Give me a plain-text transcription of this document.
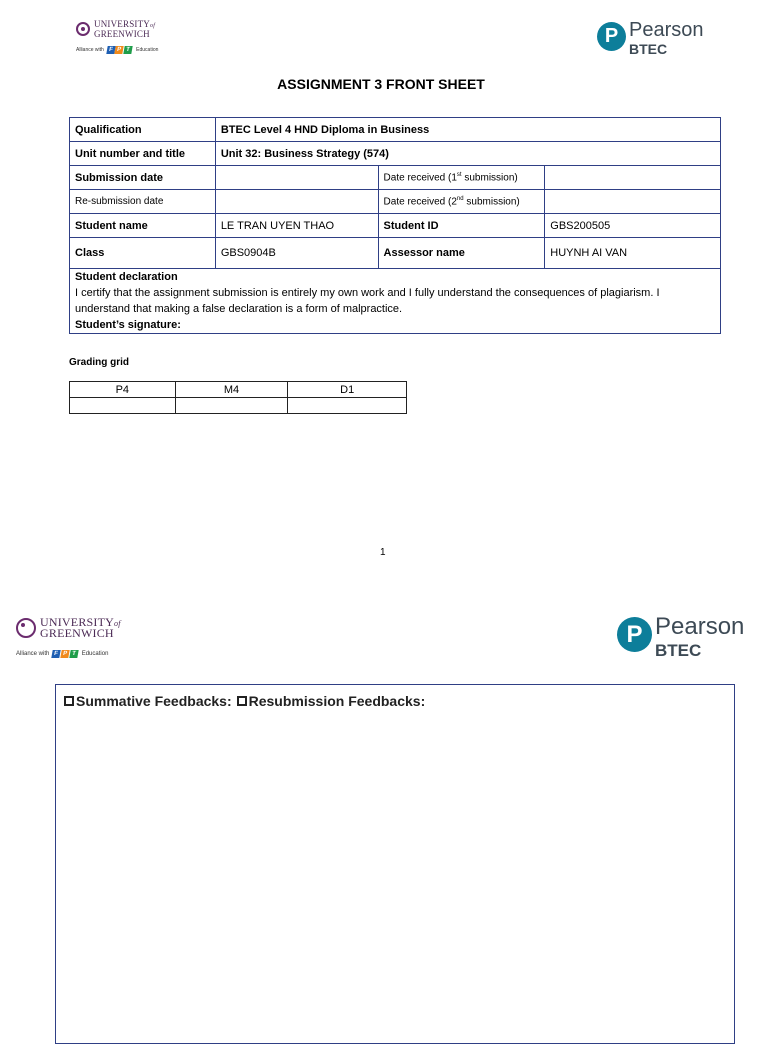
UNIVERSITYof
GREENWICH
Alliance with F P T	Education
P Pearson
BTEC
ASSIGNMENT 3 FRONT SHEET
Qualification	BTEC Level 4 HND Diploma in Business		
Unit number and title	Unit 32: Business Strategy (574)		
Submission date		Date received (1st submission)	
Re-submission date		Date received (2nd submission)	
Student name	LE TRAN UYEN THAO	Student ID	GBS200505
Class	GBS0904B	Assessor name	HUYNH AI VAN

Student declaration
I certify that the assignment submission is entirely my own work and I fully understand the consequences of plagiarism. I understand that making a false declaration is a form of malpractice.
Student’s signature:			
Grading grid
P4	M4	D1

1
UNIVERSITYof
GREENWICH
Alliance with F P T Education
P Pearson
BTEC
Summative Feedbacks: Resubmission Feedbacks:
